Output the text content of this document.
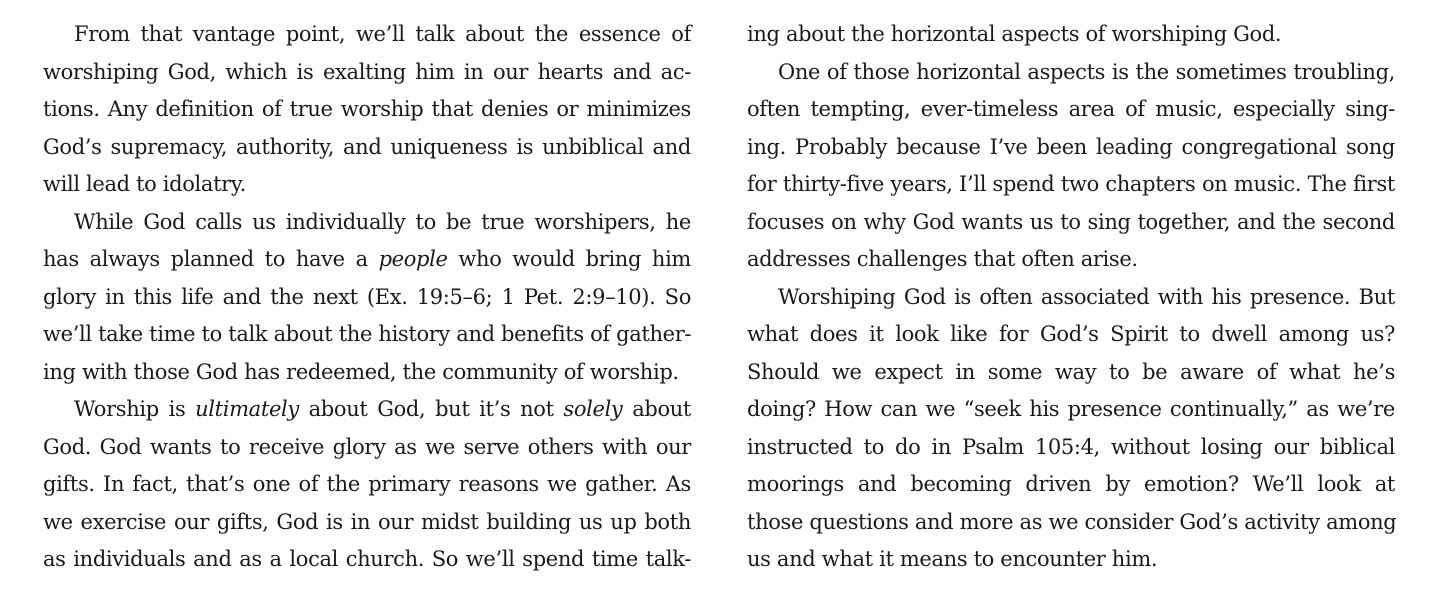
From that vantage point, we’ll talk about the essence of
worshiping God, which is exalting him in our hearts and ac-
tions. Any definition of true worship that denies or minimizes
God’s supremacy, authority, and uniqueness is unbiblical and
will lead to idolatry.
While God calls us individually to be true worshipers, he
has always planned to have a people who would bring him
glory in this life and the next (Ex. 19:5–6; 1 Pet. 2:9–10). So
we’ll take time to talk about the history and benefits of gather-
ing with those God has redeemed, the community of worship.
Worship is ultimately about God, but it’s not solely about
God. God wants to receive glory as we serve others with our
gifts. In fact, that’s one of the primary reasons we gather. As
we exercise our gifts, God is in our midst building us up both
as individuals and as a local church. So we’ll spend time talk-
ing about the horizontal aspects of worshiping God.
One of those horizontal aspects is the sometimes troubling,
often tempting, ever-timeless area of music, especially sing-
ing. Probably because I’ve been leading congregational song
for thirty-five years, I’ll spend two chapters on music. The first
focuses on why God wants us to sing together, and the second
addresses challenges that often arise.
Worshiping God is often associated with his presence. But
what does it look like for God’s Spirit to dwell among us?
Should we expect in some way to be aware of what he’s
doing? How can we “seek his presence continually,” as we’re
instructed to do in Psalm 105:4, without losing our biblical
moorings and becoming driven by emotion? We’ll look at
those questions and more as we consider God’s activity among
us and what it means to encounter him.
